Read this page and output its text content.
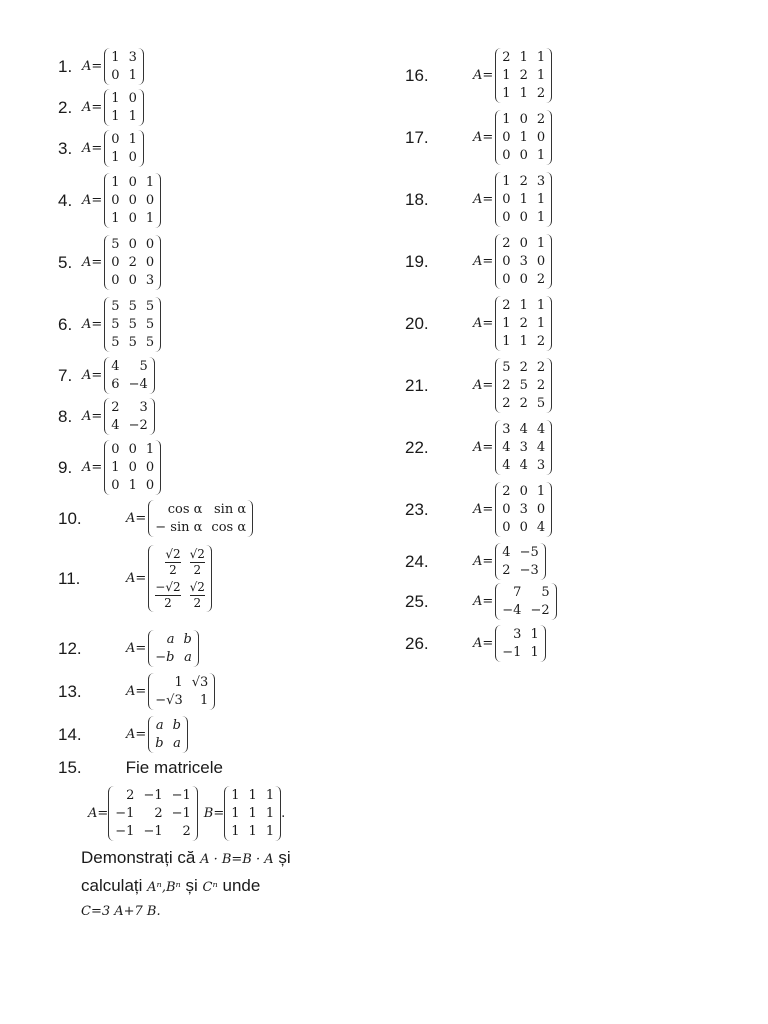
1. A=
1 3
0 1
2. A=
1 0
1 1
3. A=
0 1
1 0
4. A=
1 0 1
0 0 0
1 0 1
5. A=
5 0 0
0 2 0
0 0 3
6. A=
5 5 5
5 5 5
5 5 5
7. A=
4	5
6 −4
8. A=
2	3
4 −2
9. A=
0 0 1
1 0 0
0 1 0
10.	A=
cos α sin α
− sin α cos α
11.	A=
$\frac{√2}{2} \frac{√2}{2}$
$\frac{-√2}{2} \frac{√2}{2}$
12.	A=
a b
−b a
13.	A=
1 √3
−√3	1
14.	A=
a b
b a
16.	A=
2 1 1
1 2 1
1 1 2
17.	A=
1 0 2
0 1 0
0 0 1
18.	A=
1 2 3
0 1 1
0 0 1
19.	A=
2 0 1
0 3 0
0 0 2
20.	A=
2 1 1
1 2 1
1 1 2
21.	A=
5 2 2
2 5 2
2 2 5
22.	A=
3 4 4
4 3 4
4 4 3
23.	A=
2 0 1
0 3 0
0 0 4
24.	A=
4 −5
2 −3
25.	A=
7	5
−4 −2
26.	A=
3 1
−1 1
15.	Fie matricele
A=
2 −1 −1
−1	2 −1
−1 −1	2
B=
1 1 1
1 1 1
1 1 1
.
Demonstrați că A · B=B · A și
calculați Aⁿ,Bⁿ și Cⁿ unde
C=3 A+7 B.
